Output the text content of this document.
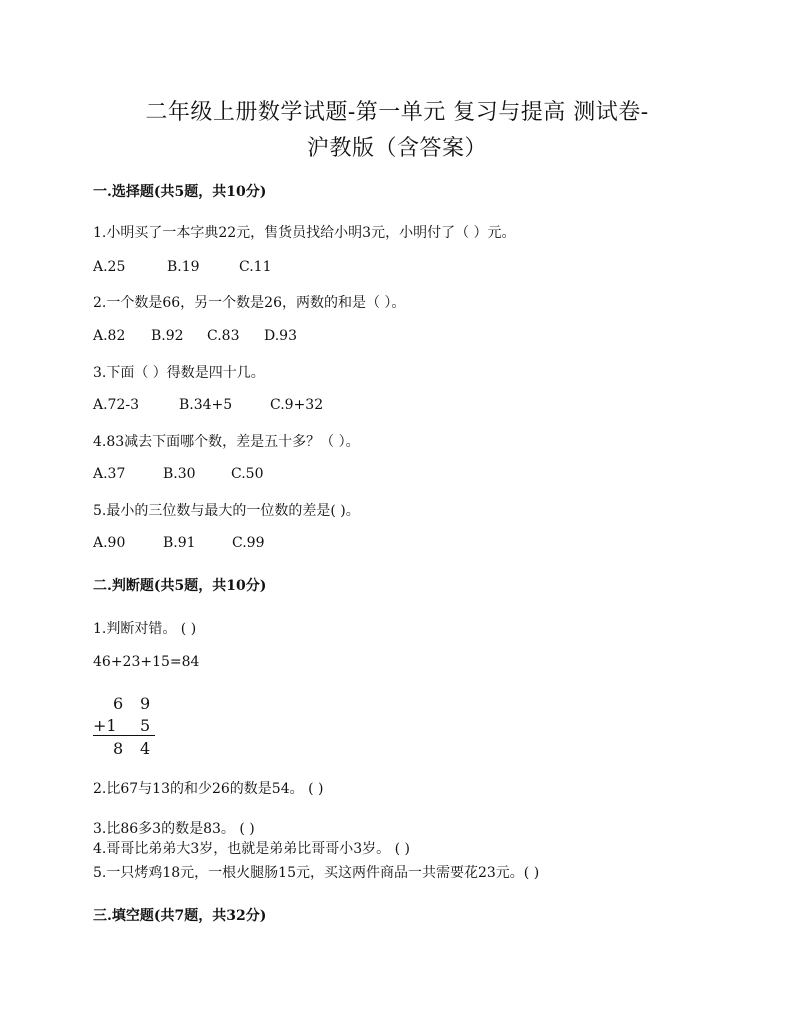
二年级上册数学试题-第一单元 复习与提高 测试卷-
沪教版（含答案）
一.选择题(共5题，共10分)
1.小明买了一本字典22元，售货员找给小明3元，小明付了（ ）元。
A.25	B.19	C.11
2.一个数是66，另一个数是26，两数的和是（ ）。
A.82	B.92	C.83	D.93
3.下面（ ）得数是四十几。
A.72-3	B.34+5	C.9+32
4.83减去下面哪个数，差是五十多？（ ）。
A.37	B.30	C.50
5.最小的三位数与最大的一位数的差是( )。
A.90	B.91	C.99
二.判断题(共5题，共10分)
1.判断对错。 ( )
46+23+15=84
6 9
+1 5
8 4
2.比67与13的和少26的数是54。 ( )
3.比86多3的数是83。 ( )
4.哥哥比弟弟大3岁，也就是弟弟比哥哥小3岁。 ( )
5.一只烤鸡18元，一根火腿肠15元，买这两件商品一共需要花23元。( )
三.填空题(共7题，共32分)
